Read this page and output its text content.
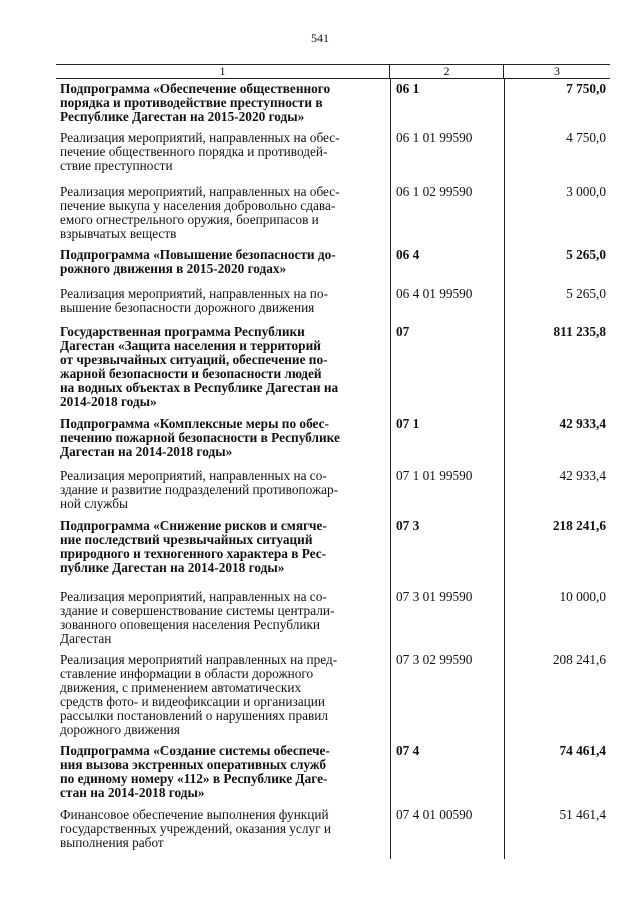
541
1	2	3
Подпрограмма «Обеспечение общественного
порядка и противодействие преступности в
Республике Дагестан на 2015-2020 годы»
06 1	7 750,0
Реализация мероприятий, направленных на обес-
печение общественного порядка и противодей-
ствие преступности
06 1 01 99590	4 750,0
Реализация мероприятий, направленных на обес-
печение выкупа у населения добровольно сдава-
емого огнестрельного оружия, боеприпасов и
взрывчатых веществ
06 1 02 99590	3 000,0
Подпрограмма «Повышение безопасности до-
рожного движения в 2015-2020 годах»
06 4	5 265,0
Реализация мероприятий, направленных на по-
вышение безопасности дорожного движения
06 4 01 99590	5 265,0
Государственная программа Республики
Дагестан «Защита населения и территорий
от чрезвычайных ситуаций, обеспечение по-
жарной безопасности и безопасности людей
на водных объектах в Республике Дагестан на
2014-2018 годы»
07	811 235,8
Подпрограмма «Комплексные меры по обес-
печению пожарной безопасности в Республике
Дагестан на 2014-2018 годы»
07 1	42 933,4
Реализация мероприятий, направленных на со-
здание и развитие подразделений противопожар-
ной службы
07 1 01 99590	42 933,4
Подпрограмма «Снижение рисков и смягче-
ние последствий чрезвычайных ситуаций
природного и техногенного характера в Рес-
публике Дагестан на 2014-2018 годы»
07 3	218 241,6
Реализация мероприятий, направленных на со-
здание и совершенствование системы централи-
зованного оповещения населения Республики
Дагестан
07 3 01 99590	10 000,0
Реализация мероприятий направленных на пред-
ставление информации в области дорожного
движения, с применением автоматических
средств фото- и видеофиксации и организации
рассылки постановлений о нарушениях правил
дорожного движения
07 3 02 99590	208 241,6
Подпрограмма «Создание системы обеспече-
ния вызова экстренных оперативных служб
по единому номеру «112» в Республике Даге-
стан на 2014-2018 годы»
07 4	74 461,4
Финансовое обеспечение выполнения функций
государственных учреждений, оказания услуг и
выполнения работ
07 4 01 00590	51 461,4
